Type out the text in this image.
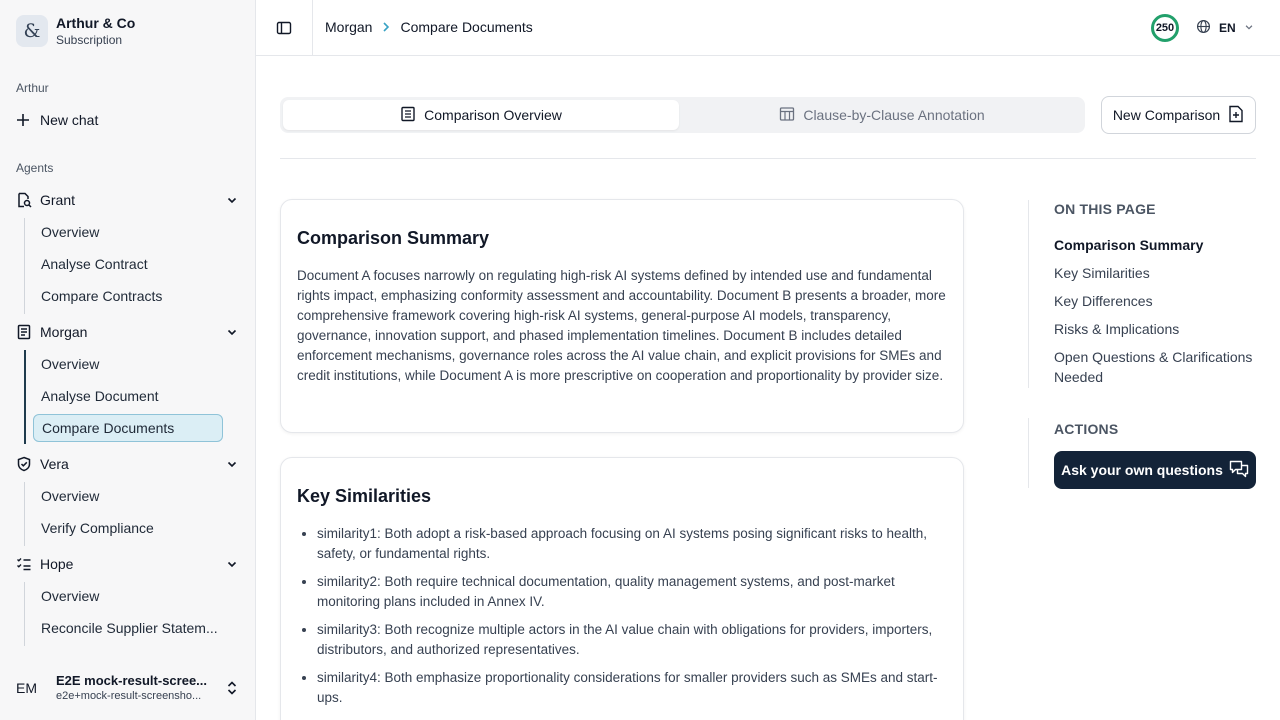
&	Arthur & Co
Subscription
Arthur
New chat
Agents
Grant
Overview
Analyse Contract
Compare Contracts
Morgan
Overview
Analyse Document
Compare Documents
Vera
Overview
Verify Compliance
Hope
Overview
Reconcile Supplier Statem...
EM	E2E mock-result-scree...
e2e+mock-result-screensho...
Morgan Compare Documents	250	EN
Comparison Overview	Clause-by-Clause Annotation	New Comparison
Comparison Summary

Document A focuses narrowly on regulating high-risk AI systems defined by intended use and fundamental rights impact, emphasizing conformity assessment and accountability. Document B presents a broader, more comprehensive framework covering high-risk AI systems, general-purpose AI models, transparency, governance, innovation support, and phased implementation timelines. Document B includes detailed enforcement mechanisms, governance roles across the AI value chain, and explicit provisions for SMEs and credit institutions, while Document A is more prescriptive on cooperation and proportionality by provider size.

Key Similarities
• similarity1: Both adopt a risk-based approach focusing on AI systems posing significant risks to health, safety, or fundamental rights.
• similarity2: Both require technical documentation, quality management systems, and post-market monitoring plans included in Annex IV.
• similarity3: Both recognize multiple actors in the AI value chain with obligations for providers, importers, distributors, and authorized representatives.
• similarity4: Both emphasize proportionality considerations for smaller providers such as SMEs and start-ups.
ON THIS PAGE
Comparison Summary
Key Similarities
Key Differences
Risks & Implications
Open Questions & Clarifications Needed
ACTIONS
Ask your own questions
